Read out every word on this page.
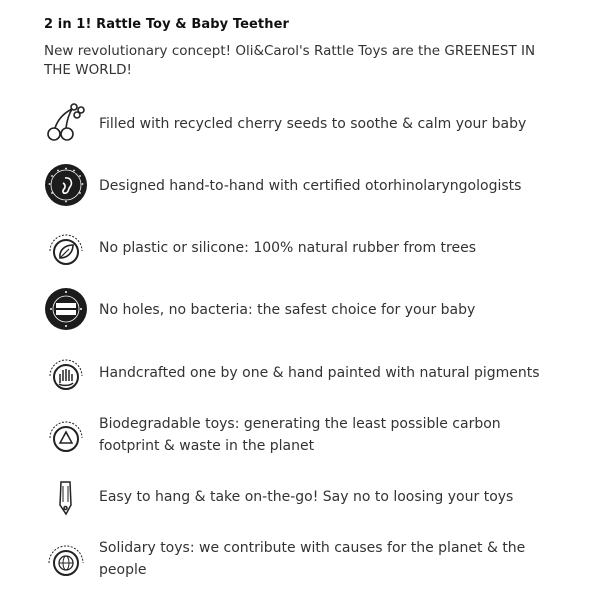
2 in 1! Rattle Toy & Baby Teether
New revolutionary concept! Oli&Carol's Rattle Toys are the GREENEST IN THE WORLD!
Filled with recycled cherry seeds to soothe & calm your baby
Designed hand-to-hand with certified otorhinolaryngologists
No plastic or silicone: 100% natural rubber from trees
No holes, no bacteria: the safest choice for your baby
Handcrafted one by one & hand painted with natural pigments
Biodegradable toys: generating the least possible carbon footprint & waste in the planet
Easy to hang & take on-the-go! Say no to loosing your toys
Solidary toys: we contribute with causes for the planet & the people
